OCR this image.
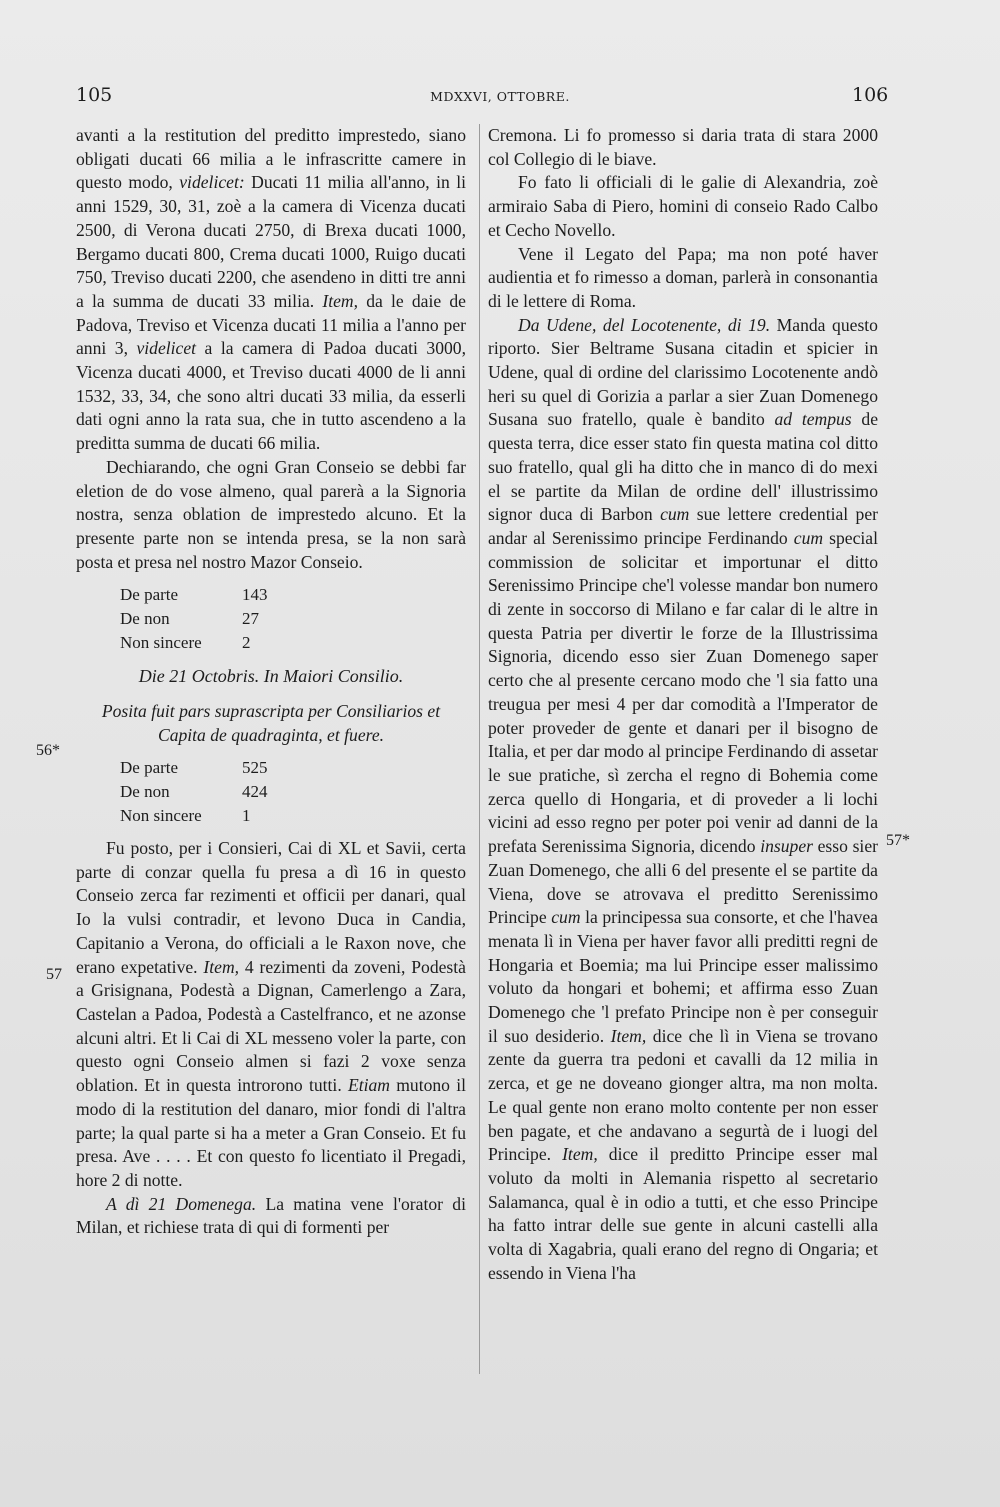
105	MDXXVI, OTTOBRE.	106
56*
57
57*

avanti a la restitution del preditto imprestedo, siano obligati ducati 66 milia a le infrascritte camere in questo modo, videlicet: Ducati 11 milia all'anno, in li anni 1529, 30, 31, zoè a la camera di Vicenza ducati 2500, di Verona ducati 2750, di Brexa ducati 1000, Bergamo ducati 800, Crema ducati 1000, Ruigo ducati 750, Treviso ducati 2200, che asendeno in ditti tre anni a la summa de ducati 33 milia. Item, da le daie de Padova, Treviso et Vicenza ducati 11 milia a l'anno per anni 3, videlicet a la camera di Padoa ducati 3000, Vicenza ducati 4000, et Treviso ducati 4000 de li anni 1532, 33, 34, che sono altri ducati 33 milia, da esserli dati ogni anno la rata sua, che in tutto ascendeno a la preditta summa de ducati 66 milia.

Dechiarando, che ogni Gran Conseio se debbi far eletion de do vose almeno, qual parerà a la Signoria nostra, senza oblation de imprestedo alcuno. Et la presente parte non se intenda presa, se la non sarà posta et presa nel nostro Mazor Conseio.

De parte	143
De non	27
Non sincere	2
Die 21 Octobris. In Maiori Consilio.
Posita fuit pars suprascripta per Consiliarios et Capita de quadraginta, et fuere.
De parte	525
De non	424
Non sincere	1

Fu posto, per i Consieri, Cai di XL et Savii, certa parte di conzar quella fu presa a dì 16 in questo Conseio zerca far rezimenti et officii per danari, qual Io la vulsi contradir, et levono Duca in Candia, Capitanio a Verona, do officiali a le Raxon nove, che erano expetative. Item, 4 rezimenti da zoveni, Podestà a Grisignana, Podestà a Dignan, Camerlengo a Zara, Castelan a Padoa, Podestà a Castelfranco, et ne azonse alcuni altri. Et li Cai di XL messeno voler la parte, con questo ogni Conseio almen si fazi 2 voxe senza oblation. Et in questa introrono tutti. Etiam mutono il modo di la restitution del danaro, mior fondi di l'altra parte; la qual parte si ha a meter a Gran Conseio. Et fu presa. Ave . . . . Et con questo fo licentiato il Pregadi, hore 2 di notte.

A dì 21 Domenega. La matina vene l'orator di Milan, et richiese trata di qui di formenti per

Cremona. Li fo promesso si daria trata di stara 2000 col Collegio di le biave.

Fo fato li officiali di le galie di Alexandria, zoè armiraio Saba di Piero, homini di conseio Rado Calbo et Cecho Novello.

Vene il Legato del Papa; ma non poté haver audientia et fo rimesso a doman, parlerà in consonantia di le lettere di Roma.

Da Udene, del Locotenente, di 19. Manda questo riporto. Sier Beltrame Susana citadin et spicier in Udene, qual di ordine del clarissimo Locotenente andò heri su quel di Gorizia a parlar a sier Zuan Domenego Susana suo fratello, quale è bandito ad tempus de questa terra, dice esser stato fin questa matina col ditto suo fratello, qual gli ha ditto che in manco di do mexi el se partite da Milan de ordine dell' illustrissimo signor duca di Barbon cum sue lettere credential per andar al Serenissimo principe Ferdinando cum special commission de solicitar et importunar el ditto Serenissimo Principe che'l volesse mandar bon numero di zente in soccorso di Milano e far calar di le altre in questa Patria per divertir le forze de la Illustrissima Signoria, dicendo esso sier Zuan Domenego saper certo che al presente cercano modo che 'l sia fatto una treugua per mesi 4 per dar comodità a l'Imperator de poter proveder de gente et danari per il bisogno de Italia, et per dar modo al principe Ferdinando di assetar le sue pratiche, sì zercha el regno di Bohemia come zerca quello di Hongaria, et di proveder a li lochi vicini ad esso regno per poter poi venir ad danni de la prefata Serenissima Signoria, dicendo insuper esso sier Zuan Domenego, che alli 6 del presente el se partite da Viena, dove se atrovava el preditto Serenissimo Principe cum la principessa sua consorte, et che l'havea menata lì in Viena per haver favor alli preditti regni de Hongaria et Boemia; ma lui Principe esser malissimo voluto da hongari et bohemi; et affirma esso Zuan Domenego che 'l prefato Principe non è per conseguir il suo desiderio. Item, dice che lì in Viena se trovano zente da guerra tra pedoni et cavalli da 12 milia in zerca, et ge ne doveano gionger altra, ma non molta. Le qual gente non erano molto contente per non esser ben pagate, et che andavano a segurtà de i luogi del Principe. Item, dice il preditto Principe esser mal voluto da molti in Alemania rispetto al secretario Salamanca, qual è in odio a tutti, et che esso Principe ha fatto intrar delle sue gente in alcuni castelli alla volta di Xagabria, quali erano del regno di Ongaria; et essendo in Viena l'ha
